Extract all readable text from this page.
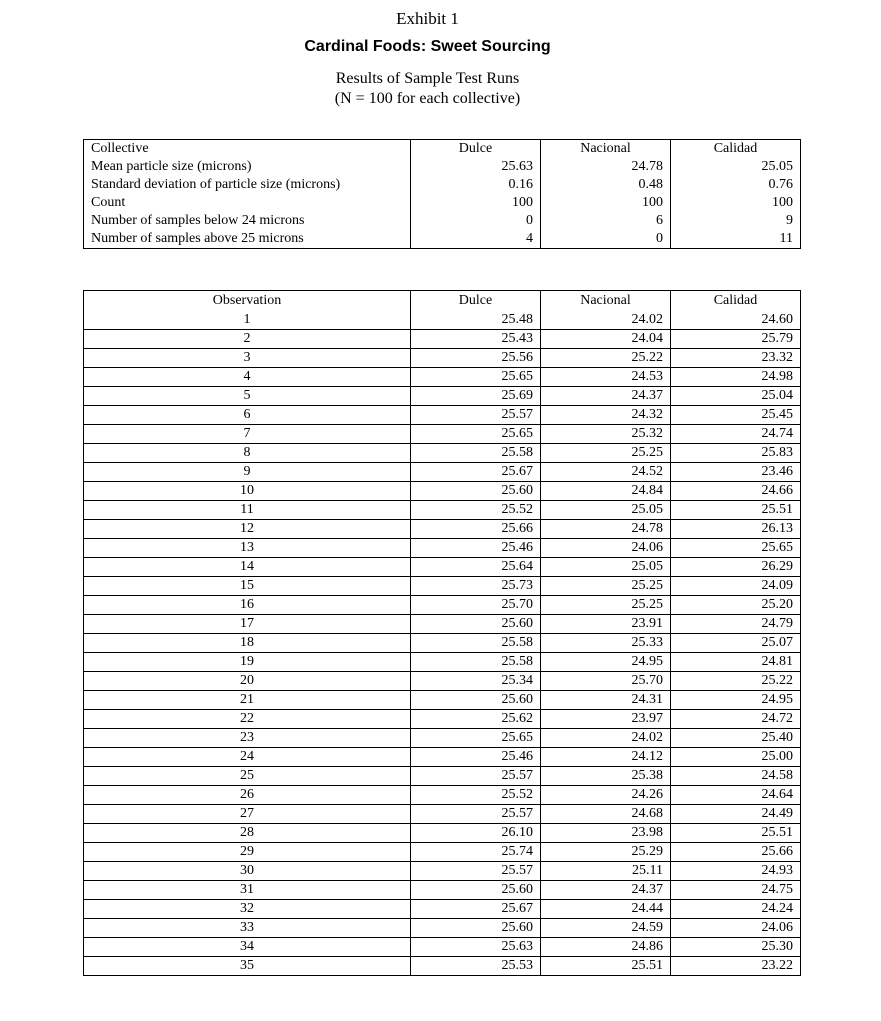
Exhibit 1
Cardinal Foods: Sweet Sourcing
Results of Sample Test Runs
(N = 100 for each collective)
Collective	Dulce	Nacional	Calidad
Mean particle size (microns)	25.63	24.78	25.05
Standard deviation of particle size (microns)	0.16	0.48	0.76
Count	100	100	100
Number of samples below 24 microns	0	6	9
Number of samples above 25 microns	4	0	11
Observation	Dulce	Nacional	Calidad
1	25.48	24.02	24.60
2	25.43	24.04	25.79
3	25.56	25.22	23.32
4	25.65	24.53	24.98
5	25.69	24.37	25.04
6	25.57	24.32	25.45
7	25.65	25.32	24.74
8	25.58	25.25	25.83
9	25.67	24.52	23.46
10	25.60	24.84	24.66
11	25.52	25.05	25.51
12	25.66	24.78	26.13
13	25.46	24.06	25.65
14	25.64	25.05	26.29
15	25.73	25.25	24.09
16	25.70	25.25	25.20
17	25.60	23.91	24.79
18	25.58	25.33	25.07
19	25.58	24.95	24.81
20	25.34	25.70	25.22
21	25.60	24.31	24.95
22	25.62	23.97	24.72
23	25.65	24.02	25.40
24	25.46	24.12	25.00
25	25.57	25.38	24.58
26	25.52	24.26	24.64
27	25.57	24.68	24.49
28	26.10	23.98	25.51
29	25.74	25.29	25.66
30	25.57	25.11	24.93
31	25.60	24.37	24.75
32	25.67	24.44	24.24
33	25.60	24.59	24.06
34	25.63	24.86	25.30
35	25.53	25.51	23.22
